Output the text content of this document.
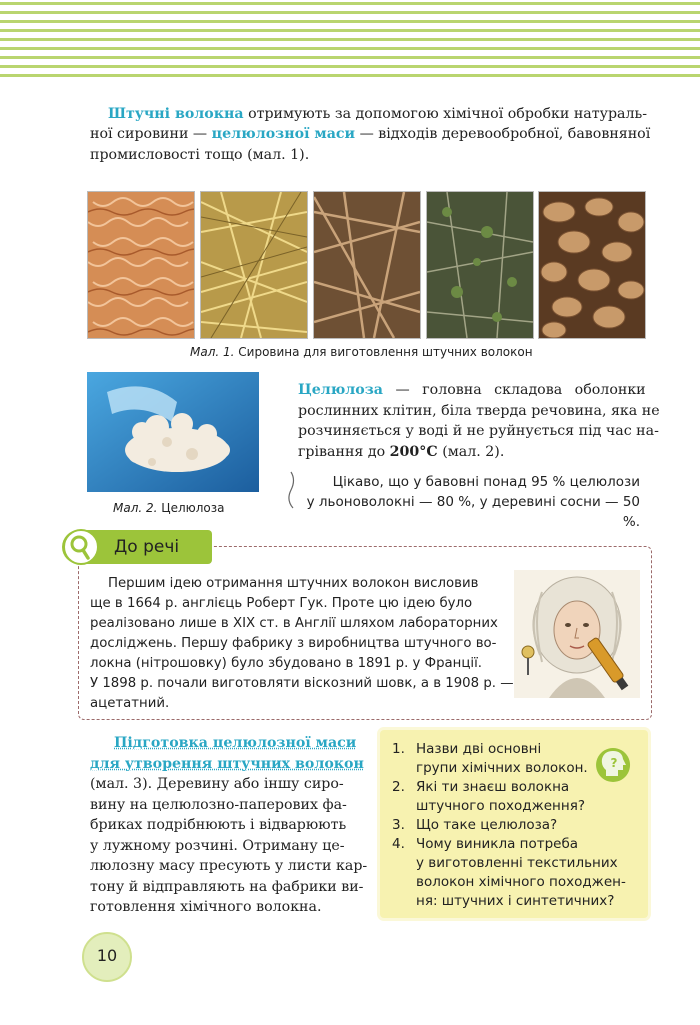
Штучні волокна отримують за допомогою хімічної обробки натураль-
ної сировини — целюлозної маси — відходів деревообробної, бавовняної
промисловості тощо (мал. 1).
Мал. 1. Сировина для виготовлення штучних волокон
Мал. 2. Целюлоза
Целюлоза — головна складова оболонки
рослинних клітин, біла тверда речовина, яка не
розчиняється у воді й не руйнується під час на-
грівання до 200°C (мал. 2).
Цікаво, що у бавовні понад 95 % целюлози
у льоноволокні — 80 %, у деревині сосни — 50 %.
До речі
Першим ідею отримання штучних волокон висловив
ще в 1664 р. англієць Роберт Гук. Проте цю ідею було
реалізовано лише в XIX ст. в Англії шляхом лабораторних
досліджень. Першу фабрику з виробництва штучного во-
локна (нітрошовку) було збудовано в 1891 р. у Франції.
У 1898 р. почали виготовляти віскозний шовк, а в 1908 р. —
ацетатний.
Підготовка целюлозної маси
для утворення штучних волокон
(мал. 3). Деревину або іншу сиро-
вину на целюлозно-паперових фа-
бриках подрібнюють і відварюють
у лужному розчині. Отриману це-
люлозну масу пресують у листи кар-
тону й відправляють на фабрики ви-
готовлення хімічного волокна.
1. Назви дві основні
групи хімічних волокон.
2. Які ти знаєш волокна
штучного походження?
3. Що таке целюлоза?
4. Чому виникла потреба
у виготовленні текстильних
волокон хімічного походжен-
ня: штучних і синтетичних?
?
10
